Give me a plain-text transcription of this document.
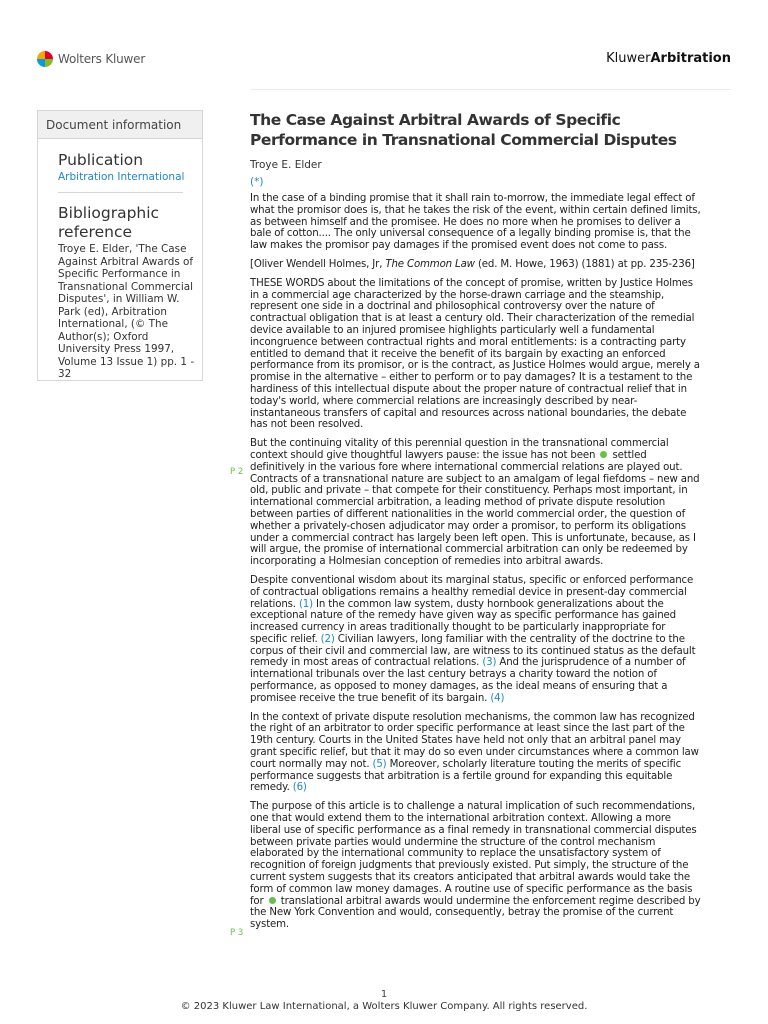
Wolters Kluwer	KluwerArbitration
Document information
Publication
Arbitration International
Bibliographic reference

Troye E. Elder, 'The Case Against Arbitral Awards of Specific Performance in Transnational Commercial Disputes', in William W. Park (ed), Arbitration International, (© The Author(s); Oxford University Press 1997, Volume 13 Issue 1) pp. 1 - 32

The Case Against Arbitral Awards of Specific Performance in Transnational Commercial Disputes
Troye E. Elder
(*)

In the case of a binding promise that it shall rain to-morrow, the immediate legal effect of what the promisor does is, that he takes the risk of the event, within certain defined limits, as between himself and the promisee. He does no more when he promises to deliver a bale of cotton.... The only universal consequence of a legally binding promise is, that the law makes the promisor pay damages if the promised event does not come to pass.

[Oliver Wendell Holmes, Jr, The Common Law (ed. M. Howe, 1963) (1881) at pp. 235-236]

THESE WORDS about the limitations of the concept of promise, written by Justice Holmes in a commercial age characterized by the horse-drawn carriage and the steamship, represent one side in a doctrinal and philosophical controversy over the nature of contractual obligation that is at least a century old. Their characterization of the remedial device available to an injured promisee highlights particularly well a fundamental incongruence between contractual rights and moral entitlements: is a contracting party entitled to demand that it receive the benefit of its bargain by exacting an enforced performance from its promisor, or is the contract, as Justice Holmes would argue, merely a promise in the alternative – either to perform or to pay damages? It is a testament to the hardiness of this intellectual dispute about the proper nature of contractual relief that in today's world, where commercial relations are increasingly described by near-instantaneous transfers of capital and resources across national boundaries, the debate has not been resolved.

But the continuing vitality of this perennial question in the transnational commercial context should give thoughtful lawyers pause: the issue has not been settled definitively in the various fore where international commercial relations are played out. Contracts of a transnational nature are subject to an amalgam of legal fiefdoms – new and old, public and private – that compete for their constituency. Perhaps most important, in international commercial arbitration, a leading method of private dispute resolution between parties of different nationalities in the world commercial order, the question of whether a privately-chosen adjudicator may order a promisor, to perform its obligations under a commercial contract has largely been left open. This is unfortunate, because, as I will argue, the promise of international commercial arbitration can only be redeemed by incorporating a Holmesian conception of remedies into arbitral awards.

Despite conventional wisdom about its marginal status, specific or enforced performance of contractual obligations remains a healthy remedial device in present-day commercial relations. (1) In the common law system, dusty hornbook generalizations about the exceptional nature of the remedy have given way as specific performance has gained increased currency in areas traditionally thought to be particularly inappropriate for specific relief. (2) Civilian lawyers, long familiar with the centrality of the doctrine to the corpus of their civil and commercial law, are witness to its continued status as the default remedy in most areas of contractual relations. (3) And the jurisprudence of a number of international tribunals over the last century betrays a charity toward the notion of performance, as opposed to money damages, as the ideal means of ensuring that a promisee receive the true benefit of its bargain. (4)

In the context of private dispute resolution mechanisms, the common law has recognized the right of an arbitrator to order specific performance at least since the last part of the 19th century. Courts in the United States have held not only that an arbitral panel may grant specific relief, but that it may do so even under circumstances where a common law court normally may not. (5) Moreover, scholarly literature touting the merits of specific performance suggests that arbitration is a fertile ground for expanding this equitable remedy. (6)

The purpose of this article is to challenge a natural implication of such recommendations, one that would extend them to the international arbitration context. Allowing a more liberal use of specific performance as a final remedy in transnational commercial disputes between private parties would undermine the structure of the control mechanism elaborated by the international community to replace the unsatisfactory system of recognition of foreign judgments that previously existed. Put simply, the structure of the current system suggests that its creators anticipated that arbitral awards would take the form of common law money damages. A routine use of specific performance as the basis for translational arbitral awards would undermine the enforcement regime described by the New York Convention and would, consequently, betray the promise of the current system.

P 2
P 3
1
© 2023 Kluwer Law International, a Wolters Kluwer Company. All rights reserved.
